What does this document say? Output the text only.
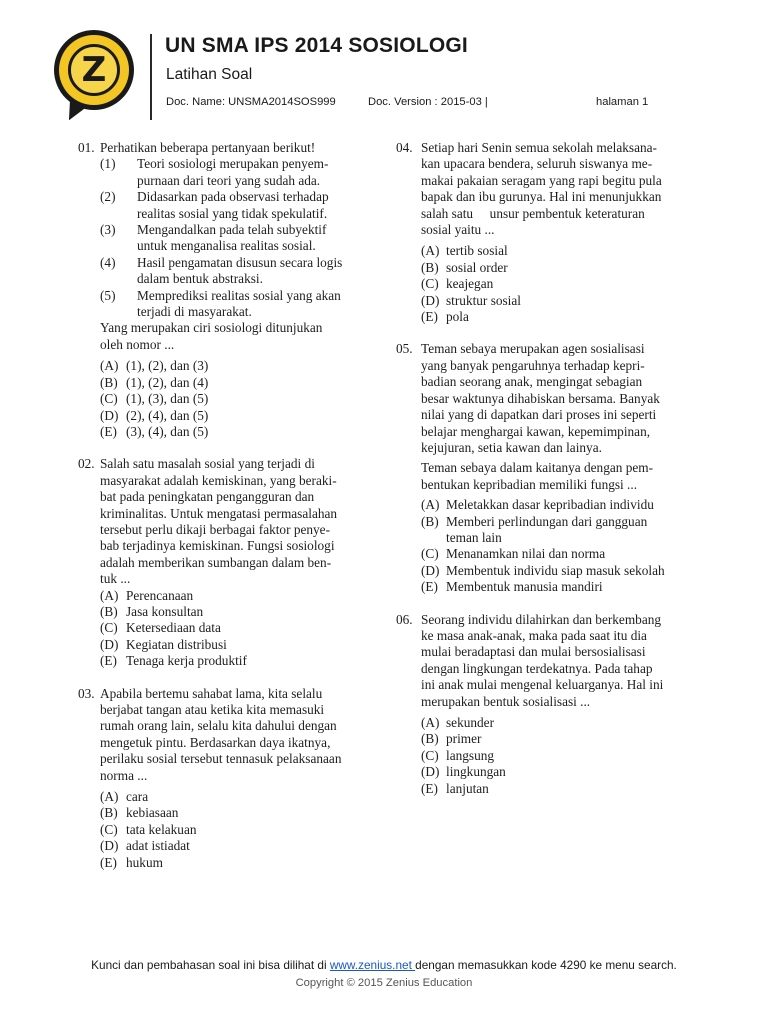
Z
UN SMA IPS 2014 SOSIOLOGI
Latihan Soal
Doc. Name: UNSMA2014SOS999	Doc. Version : 2015-03 |	halaman 1
01. Perhatikan beberapa pertanyaan berikut!
(1)	Teori sosiologi merupakan penyem-
purnaan dari teori yang sudah ada.
(2)	Didasarkan pada observasi terhadap
realitas sosial yang tidak spekulatif.
(3)	Mengandalkan pada telah subyektif
untuk menganalisa realitas sosial.
(4)	Hasil pengamatan disusun secara logis
dalam bentuk abstraksi.
(5)	Memprediksi realitas sosial yang akan
terjadi di masyarakat.
Yang merupakan ciri sosiologi ditunjukan
oleh nomor ...
(A) (1), (2), dan (3)
(B) (1), (2), dan (4)
(C) (1), (3), dan (5)
(D) (2), (4), dan (5)
(E) (3), (4), dan (5)
02. Salah satu masalah sosial yang terjadi di
masyarakat adalah kemiskinan, yang beraki-
bat pada peningkatan pengangguran dan
kriminalitas. Untuk mengatasi permasalahan
tersebut perlu dikaji berbagai faktor penye-
bab terjadinya kemiskinan. Fungsi sosiologi
adalah memberikan sumbangan dalam ben-
tuk ...
(A) Perencanaan
(B) Jasa konsultan
(C) Ketersediaan data
(D) Kegiatan distribusi
(E) Tenaga kerja produktif
03. Apabila bertemu sahabat lama, kita selalu
berjabat tangan atau ketika kita memasuki
rumah orang lain, selalu kita dahului dengan
mengetuk pintu. Berdasarkan daya ikatnya,
perilaku sosial tersebut tennasuk pelaksanaan
norma ...
(A) cara
(B) kebiasaan
(C) tata kelakuan
(D) adat istiadat
(E) hukum
04. Setiap hari Senin semua sekolah melaksana-
kan upacara bendera, seluruh siswanya me-
makai pakaian seragam yang rapi begitu pula
bapak dan ibu gurunya. Hal ini menunjukkan
salah satu     unsur pembentuk keteraturan
sosial yaitu ...
(A) tertib sosial
(B) sosial order
(C) keajegan
(D) struktur sosial
(E) pola
05. Teman sebaya merupakan agen sosialisasi
yang banyak pengaruhnya terhadap kepri-
badian seorang anak, mengingat sebagian
besar waktunya dihabiskan bersama. Banyak
nilai yang di dapatkan dari proses ini seperti
belajar menghargai kawan, kepemimpinan,
kejujuran, setia kawan dan lainya.
Teman sebaya dalam kaitanya dengan pem-
bentukan kepribadian memiliki fungsi ...
(A) Meletakkan dasar kepribadian individu
(B) Memberi perlindungan dari gangguan
teman lain
(C) Menanamkan nilai dan norma
(D) Membentuk individu siap masuk sekolah
(E) Membentuk manusia mandiri
06. Seorang individu dilahirkan dan berkembang
ke masa anak-anak, maka pada saat itu dia
mulai beradaptasi dan mulai bersosialisasi
dengan lingkungan terdekatnya. Pada tahap
ini anak mulai mengenal keluarganya. Hal ini
merupakan bentuk sosialisasi ...
(A) sekunder
(B) primer
(C) langsung
(D) lingkungan
(E) lanjutan
Kunci dan pembahasan soal ini bisa dilihat di www.zenius.net dengan memasukkan kode 4290 ke menu search.
Copyright © 2015 Zenius Education
